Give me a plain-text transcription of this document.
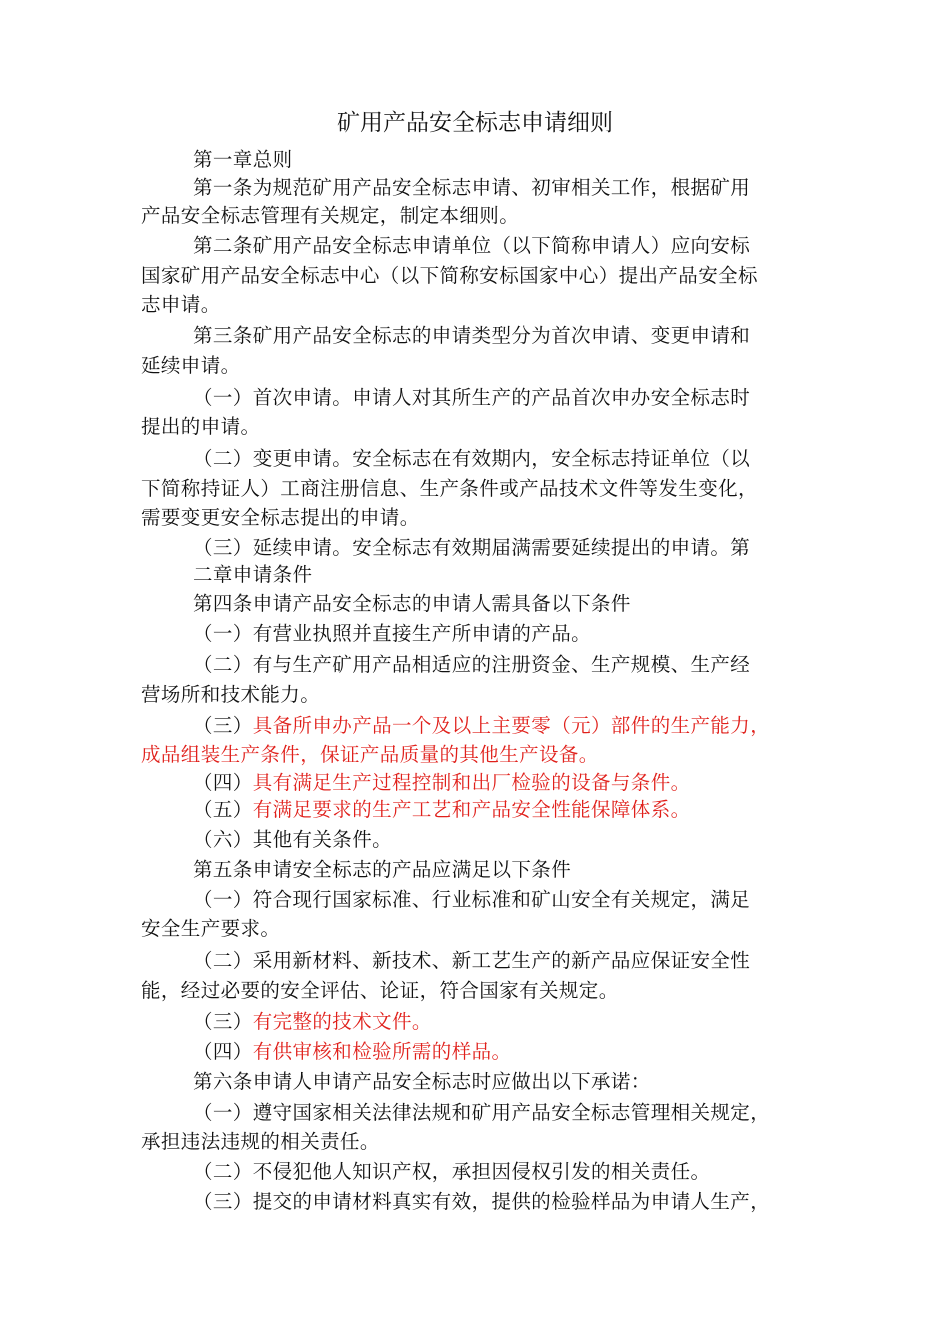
矿用产品安全标志申请细则
第一章总则
第一条为规范矿用产品安全标志申请、初审相关工作，根据矿用
产品安全标志管理有关规定，制定本细则。
第二条矿用产品安全标志申请单位（以下简称申请人）应向安标
国家矿用产品安全标志中心（以下简称安标国家中心）提出产品安全标
志申请。
第三条矿用产品安全标志的申请类型分为首次申请、变更申请和
延续申请。
（一）首次申请。申请人对其所生产的产品首次申办安全标志时
提出的申请。
（二）变更申请。安全标志在有效期内，安全标志持证单位（以
下简称持证人）工商注册信息、生产条件或产品技术文件等发生变化，
需要变更安全标志提出的申请。
（三）延续申请。安全标志有效期届满需要延续提出的申请。第
二章申请条件
第四条申请产品安全标志的申请人需具备以下条件
（一）有营业执照并直接生产所申请的产品。
（二）有与生产矿用产品相适应的注册资金、生产规模、生产经
营场所和技术能力。
（三）具备所申办产品一个及以上主要零（元）部件的生产能力，
成品组装生产条件，保证产品质量的其他生产设备。
（四）具有满足生产过程控制和出厂检验的设备与条件。
（五）有满足要求的生产工艺和产品安全性能保障体系。
（六）其他有关条件。
第五条申请安全标志的产品应满足以下条件
（一）符合现行国家标准、行业标准和矿山安全有关规定，满足
安全生产要求。
（二）采用新材料、新技术、新工艺生产的新产品应保证安全性
能，经过必要的安全评估、论证，符合国家有关规定。
（三）有完整的技术文件。
（四）有供审核和检验所需的样品。
第六条申请人申请产品安全标志时应做出以下承诺：
（一）遵守国家相关法律法规和矿用产品安全标志管理相关规定，
承担违法违规的相关责任。
（二）不侵犯他人知识产权，承担因侵权引发的相关责任。
（三）提交的申请材料真实有效，提供的检验样品为申请人生产，
